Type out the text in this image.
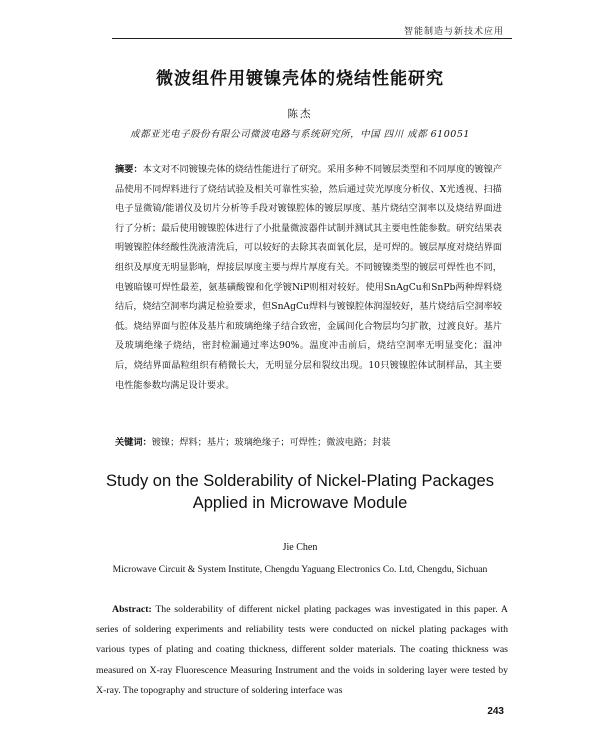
智能制造与新技术应用
微波组件用镀镍壳体的烧结性能研究
陈杰
成都亚光电子股份有限公司微波电路与系统研究所，中国 四川 成都 610051

摘要：本文对不同镀镍壳体的烧结性能进行了研究。采用多种不同镀层类型和不同厚度的镀镍产品使用不同焊料进行了烧结试验及相关可靠性实验，然后通过荧光厚度分析仪、X光透视、扫描电子显微镜/能谱仪及切片分析等手段对镀镍腔体的镀层厚度、基片烧结空洞率以及烧结界面进行了分析；最后使用镀镍腔体进行了小批量微波器件试制并测试其主要电性能参数。研究结果表明镀镍腔体经酸性洗液清洗后，可以较好的去除其表面氧化层，是可焊的。镀层厚度对烧结界面组织及厚度无明显影响，焊接层厚度主要与焊片厚度有关。不同镀镍类型的镀层可焊性也不同，电镀暗镍可焊性最差，氨基磺酸镍和化学镀NiP则相对较好。使用SnAgCu和SnPb两种焊料烧结后，烧结空洞率均满足检验要求，但SnAgCu焊料与镀镍腔体润湿较好，基片烧结后空洞率较低。烧结界面与腔体及基片和玻璃绝缘子结合致密，金属间化合物层均匀扩散，过渡良好。基片及玻璃绝缘子烧结，密封检漏通过率达90%。温度冲击前后，烧结空洞率无明显变化；温冲后，烧结界面晶粒组织有稍微长大，无明显分层和裂纹出现。10只镀镍腔体试制样品，其主要电性能参数均满足设计要求。

关键词：镀镍；焊料；基片；玻璃绝缘子；可焊性；微波电路；封装

Study on the Solderability of Nickel-Plating Packages
Applied in Microwave Module
Jie Chen
Microwave Circuit & System Institute, Chengdu Yaguang Electronics Co. Ltd, Chengdu, Sichuan

Abstract: The solderability of different nickel plating packages was investigated in this paper. A series of soldering experiments and reliability tests were conducted on nickel plating packages with various types of plating and coating thickness, different solder materials. The coating thickness was measured on X-ray Fluorescence Measuring Instrument and the voids in soldering layer were tested by X-ray. The topography and structure of soldering interface was

243
